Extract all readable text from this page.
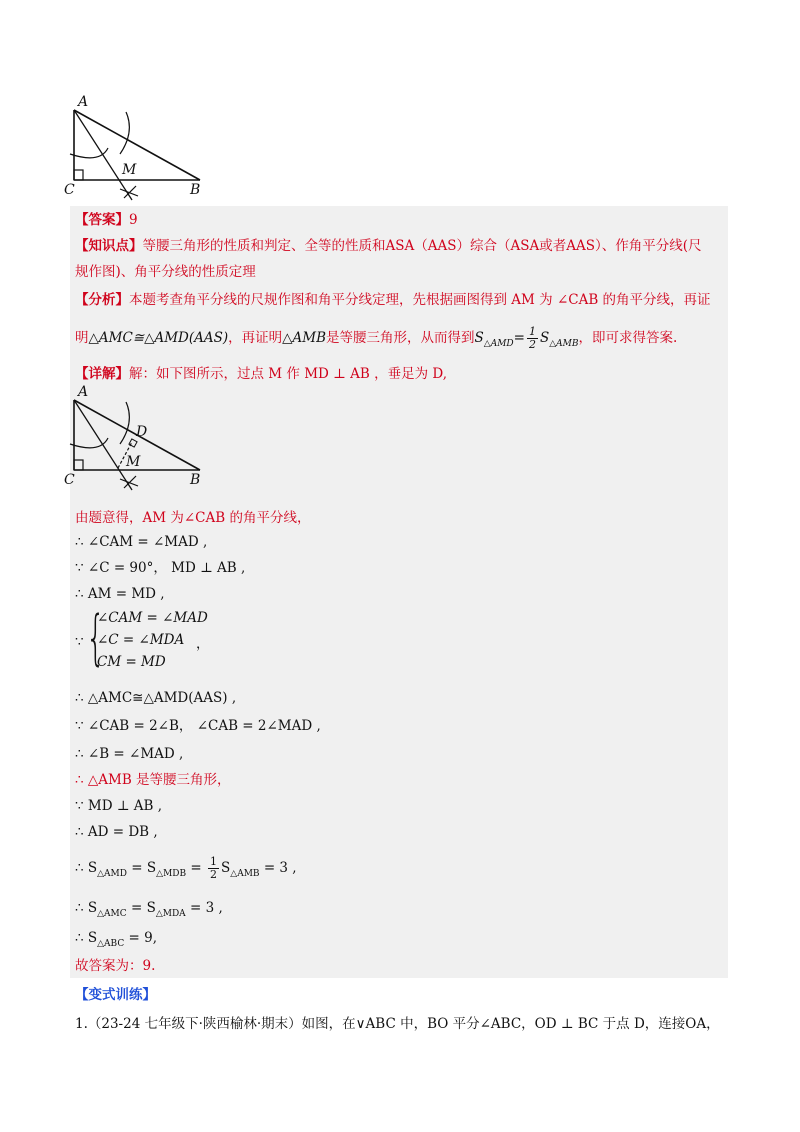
A
C
M
B
【答案】9
【知识点】等腰三角形的性质和判定、全等的性质和ASA（AAS）综合（ASA或者AAS）、作角平分线(尺
规作图)、角平分线的性质定理
【分析】本题考查角平分线的尺规作图和角平分线定理，先根据画图得到 AM 为 ∠CAB 的角平分线，再证
明△AMC≅△AMD(AAS)，再证明△AMB是等腰三角形，从而得到$S_{\triangle AMD}= \frac{1}{2} S_{\triangle AMB}$，即可求得答案.
【详解】解：如下图所示，过点 M 作 MD ⊥ AB ，垂足为 D,
A
D
C
M
B
由题意得，AM 为∠CAB 的角平分线，
∴ ∠CAM = ∠MAD ,
∵ ∠C = 90°， MD ⊥ AB ,
∴ AM = MD ,
∵ {
∠CAM = ∠MAD
∠C = ∠MDA
CM = MD
，
∴ △AMC≅△AMD(AAS) ,
∵ ∠CAB = 2∠B， ∠CAB = 2∠MAD ,
∴ ∠B = ∠MAD ,
∴ △AMB 是等腰三角形，
∵ MD ⊥ AB ,
∴ AD = DB ,
∴ $S_{\triangle AMD} = S_{\triangle MDB} = \frac{1}{2} S_{\triangle AMB} = 3$ ,
∴ $S_{\triangle AMC} = S_{\triangle MDA} = 3$ ,
∴ $S_{\triangle ABC} = 9$,
故答案为：9.
【变式训练】
1.（23-24 七年级下·陕西榆林·期末）如图，在∨ABC 中，BO 平分∠ABC，OD ⊥ BC 于点 D，连接OA，
